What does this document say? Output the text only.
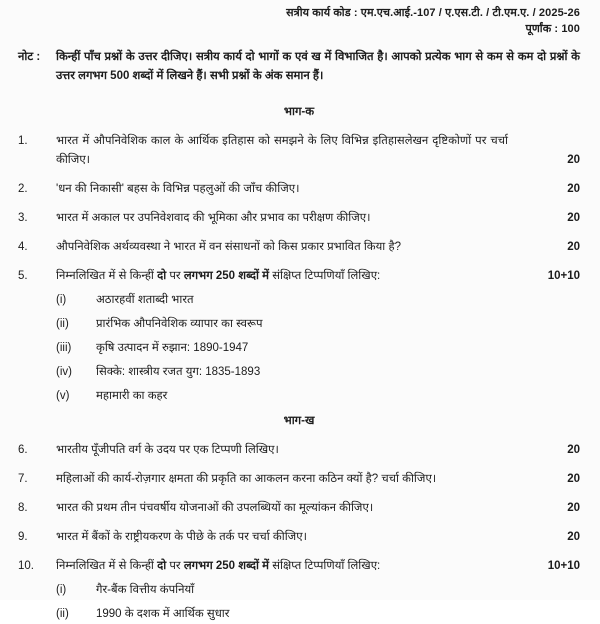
सत्रीय कार्य कोड : एम.एच.आई.-107 / ए.एस.टी. / टी.एम.ए. / 2025-26
पूर्णांक : 100
नोट :	किन्हीं पाँच प्रश्नों के उत्तर दीजिए। सत्रीय कार्य दो भागों क एवं ख में विभाजित है। आपको प्रत्येक भाग से कम से कम दो प्रश्नों के उत्तर लगभग 500 शब्दों में लिखने हैं। सभी प्रश्नों के अंक समान हैं।
भाग-क
1.	भारत में औपनिवेशिक काल के आर्थिक इतिहास को समझने के लिए विभिन्न इतिहासलेखन दृष्टिकोणों पर चर्चा कीजिए।	20
2.	'धन की निकासी' बहस के विभिन्न पहलुओं की जाँच कीजिए।	20
3.	भारत में अकाल पर उपनिवेशवाद की भूमिका और प्रभाव का परीक्षण कीजिए।	20
4.	औपनिवेशिक अर्थव्यवस्था ने भारत में वन संसाधनों को किस प्रकार प्रभावित किया है?	20
5.	निम्नलिखित में से किन्हीं दो पर लगभग 250 शब्दों में संक्षिप्त टिप्पणियाँ लिखिए:	10+10
(i)	अठारहवीं शताब्दी भारत
(ii)	प्रारंभिक औपनिवेशिक व्यापार का स्वरूप
(iii)	कृषि उत्पादन में रुझान: 1890-1947
(iv)	सिक्के: शास्त्रीय रजत युग: 1835-1893
(v)	महामारी का कहर
भाग-ख
6.	भारतीय पूँजीपति वर्ग के उदय पर एक टिप्पणी लिखिए।	20
7.	महिलाओं की कार्य-रोज़गार क्षमता की प्रकृति का आकलन करना कठिन क्यों है? चर्चा कीजिए।	20
8.	भारत की प्रथम तीन पंचवर्षीय योजनाओं की उपलब्धियों का मूल्यांकन कीजिए।	20
9.	भारत में बैंकों के राष्ट्रीयकरण के पीछे के तर्क पर चर्चा कीजिए।	20
10.	निम्नलिखित में से किन्हीं दो पर लगभग 250 शब्दों में संक्षिप्त टिप्पणियाँ लिखिए:	10+10
(i)	गैर-बैंक वित्तीय कंपनियाँ
(ii)	1990 के दशक में आर्थिक सुधार
